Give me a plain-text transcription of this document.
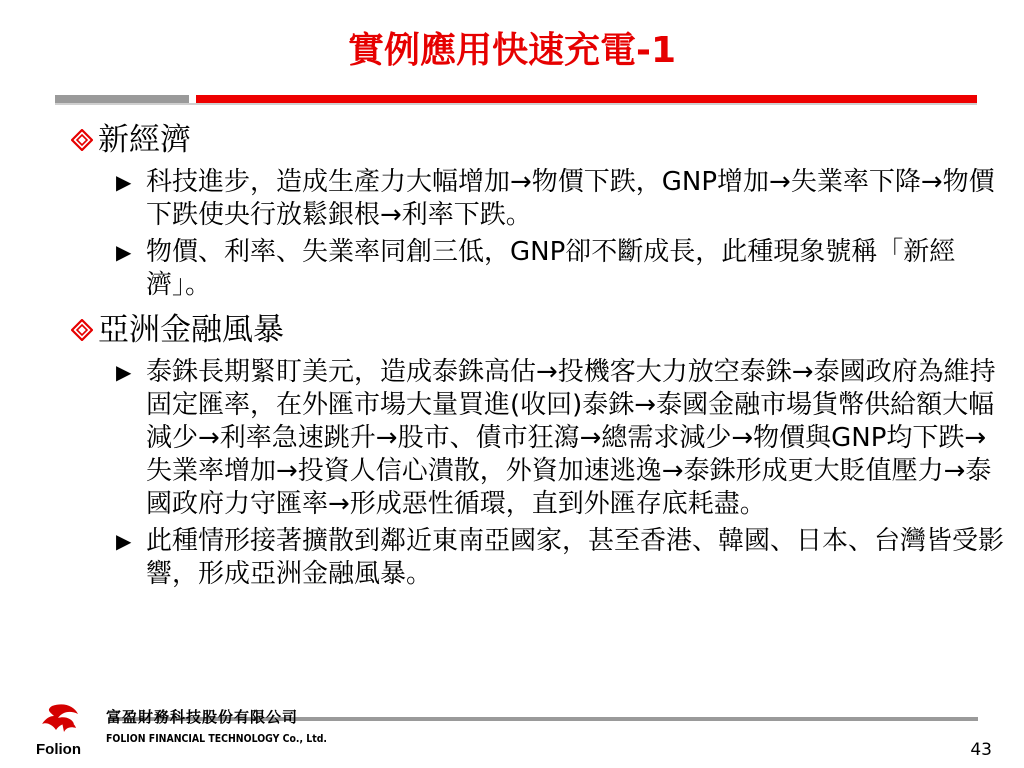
實例應用快速充電-1
新經濟
▶ 科技進步，造成生產力大幅增加→物價下跌，GNP增加→失業率下降→物價下跌使央行放鬆銀根→利率下跌。
▶ 物價、利率、失業率同創三低，GNP卻不斷成長，此種現象號稱「新經濟」。
亞洲金融風暴
▶ 泰銖長期緊盯美元，造成泰銖高估→投機客大力放空泰銖→泰國政府為維持固定匯率，在外匯市場大量買進(收回)泰銖→泰國金融市場貨幣供給額大幅減少→利率急速跳升→股市、債市狂瀉→總需求減少→物價與GNP均下跌→失業率增加→投資人信心潰散，外資加速逃逸→泰銖形成更大貶值壓力→泰國政府力守匯率→形成惡性循環，直到外匯存底耗盡。
▶ 此種情形接著擴散到鄰近東南亞國家，甚至香港、韓國、日本、台灣皆受影響，形成亞洲金融風暴。
Folion
富盈財務科技股份有限公司
FOLION FINANCIAL TECHNOLOGY Co., Ltd.
43
